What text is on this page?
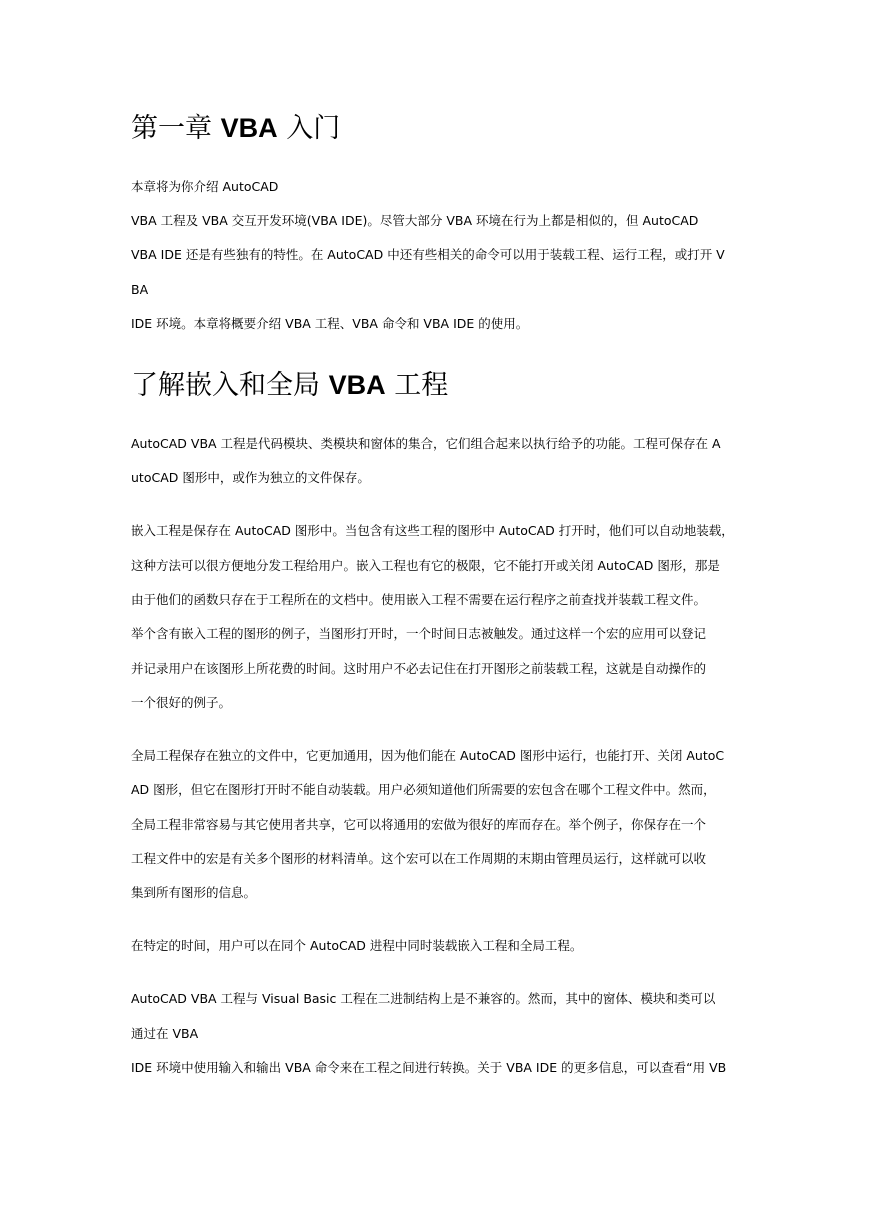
第一章 VBA 入门

本章将为你介绍 AutoCAD

VBA 工程及 VBA 交互开发环境(VBA IDE)。尽管大部分 VBA 环境在行为上都是相似的，但 AutoCAD

VBA IDE 还是有些独有的特性。在 AutoCAD 中还有些相关的命令可以用于装载工程、运行工程，或打开 V

BA

IDE 环境。本章将概要介绍 VBA 工程、VBA 命令和 VBA IDE 的使用。

了解嵌入和全局 VBA 工程

AutoCAD VBA 工程是代码模块、类模块和窗体的集合，它们组合起来以执行给予的功能。工程可保存在 A

utoCAD 图形中，或作为独立的文件保存。

嵌入工程是保存在 AutoCAD 图形中。当包含有这些工程的图形中 AutoCAD 打开时，他们可以自动地装载，

这种方法可以很方便地分发工程给用户。嵌入工程也有它的极限，它不能打开或关闭 AutoCAD 图形，那是

由于他们的函数只存在于工程所在的文档中。使用嵌入工程不需要在运行程序之前查找并装载工程文件。

举个含有嵌入工程的图形的例子，当图形打开时，一个时间日志被触发。通过这样一个宏的应用可以登记

并记录用户在该图形上所花费的时间。这时用户不必去记住在打开图形之前装载工程，这就是自动操作的

一个很好的例子。

全局工程保存在独立的文件中，它更加通用，因为他们能在 AutoCAD 图形中运行，也能打开、关闭 AutoC

AD 图形，但它在图形打开时不能自动装载。用户必须知道他们所需要的宏包含在哪个工程文件中。然而，

全局工程非常容易与其它使用者共享，它可以将通用的宏做为很好的库而存在。举个例子，你保存在一个

工程文件中的宏是有关多个图形的材料清单。这个宏可以在工作周期的末期由管理员运行，这样就可以收

集到所有图形的信息。

在特定的时间，用户可以在同个 AutoCAD 进程中同时装载嵌入工程和全局工程。

AutoCAD VBA 工程与 Visual Basic 工程在二进制结构上是不兼容的。然而，其中的窗体、模块和类可以

通过在 VBA

IDE 环境中使用输入和输出 VBA 命令来在工程之间进行转换。关于 VBA IDE 的更多信息，可以查看“用 VB
